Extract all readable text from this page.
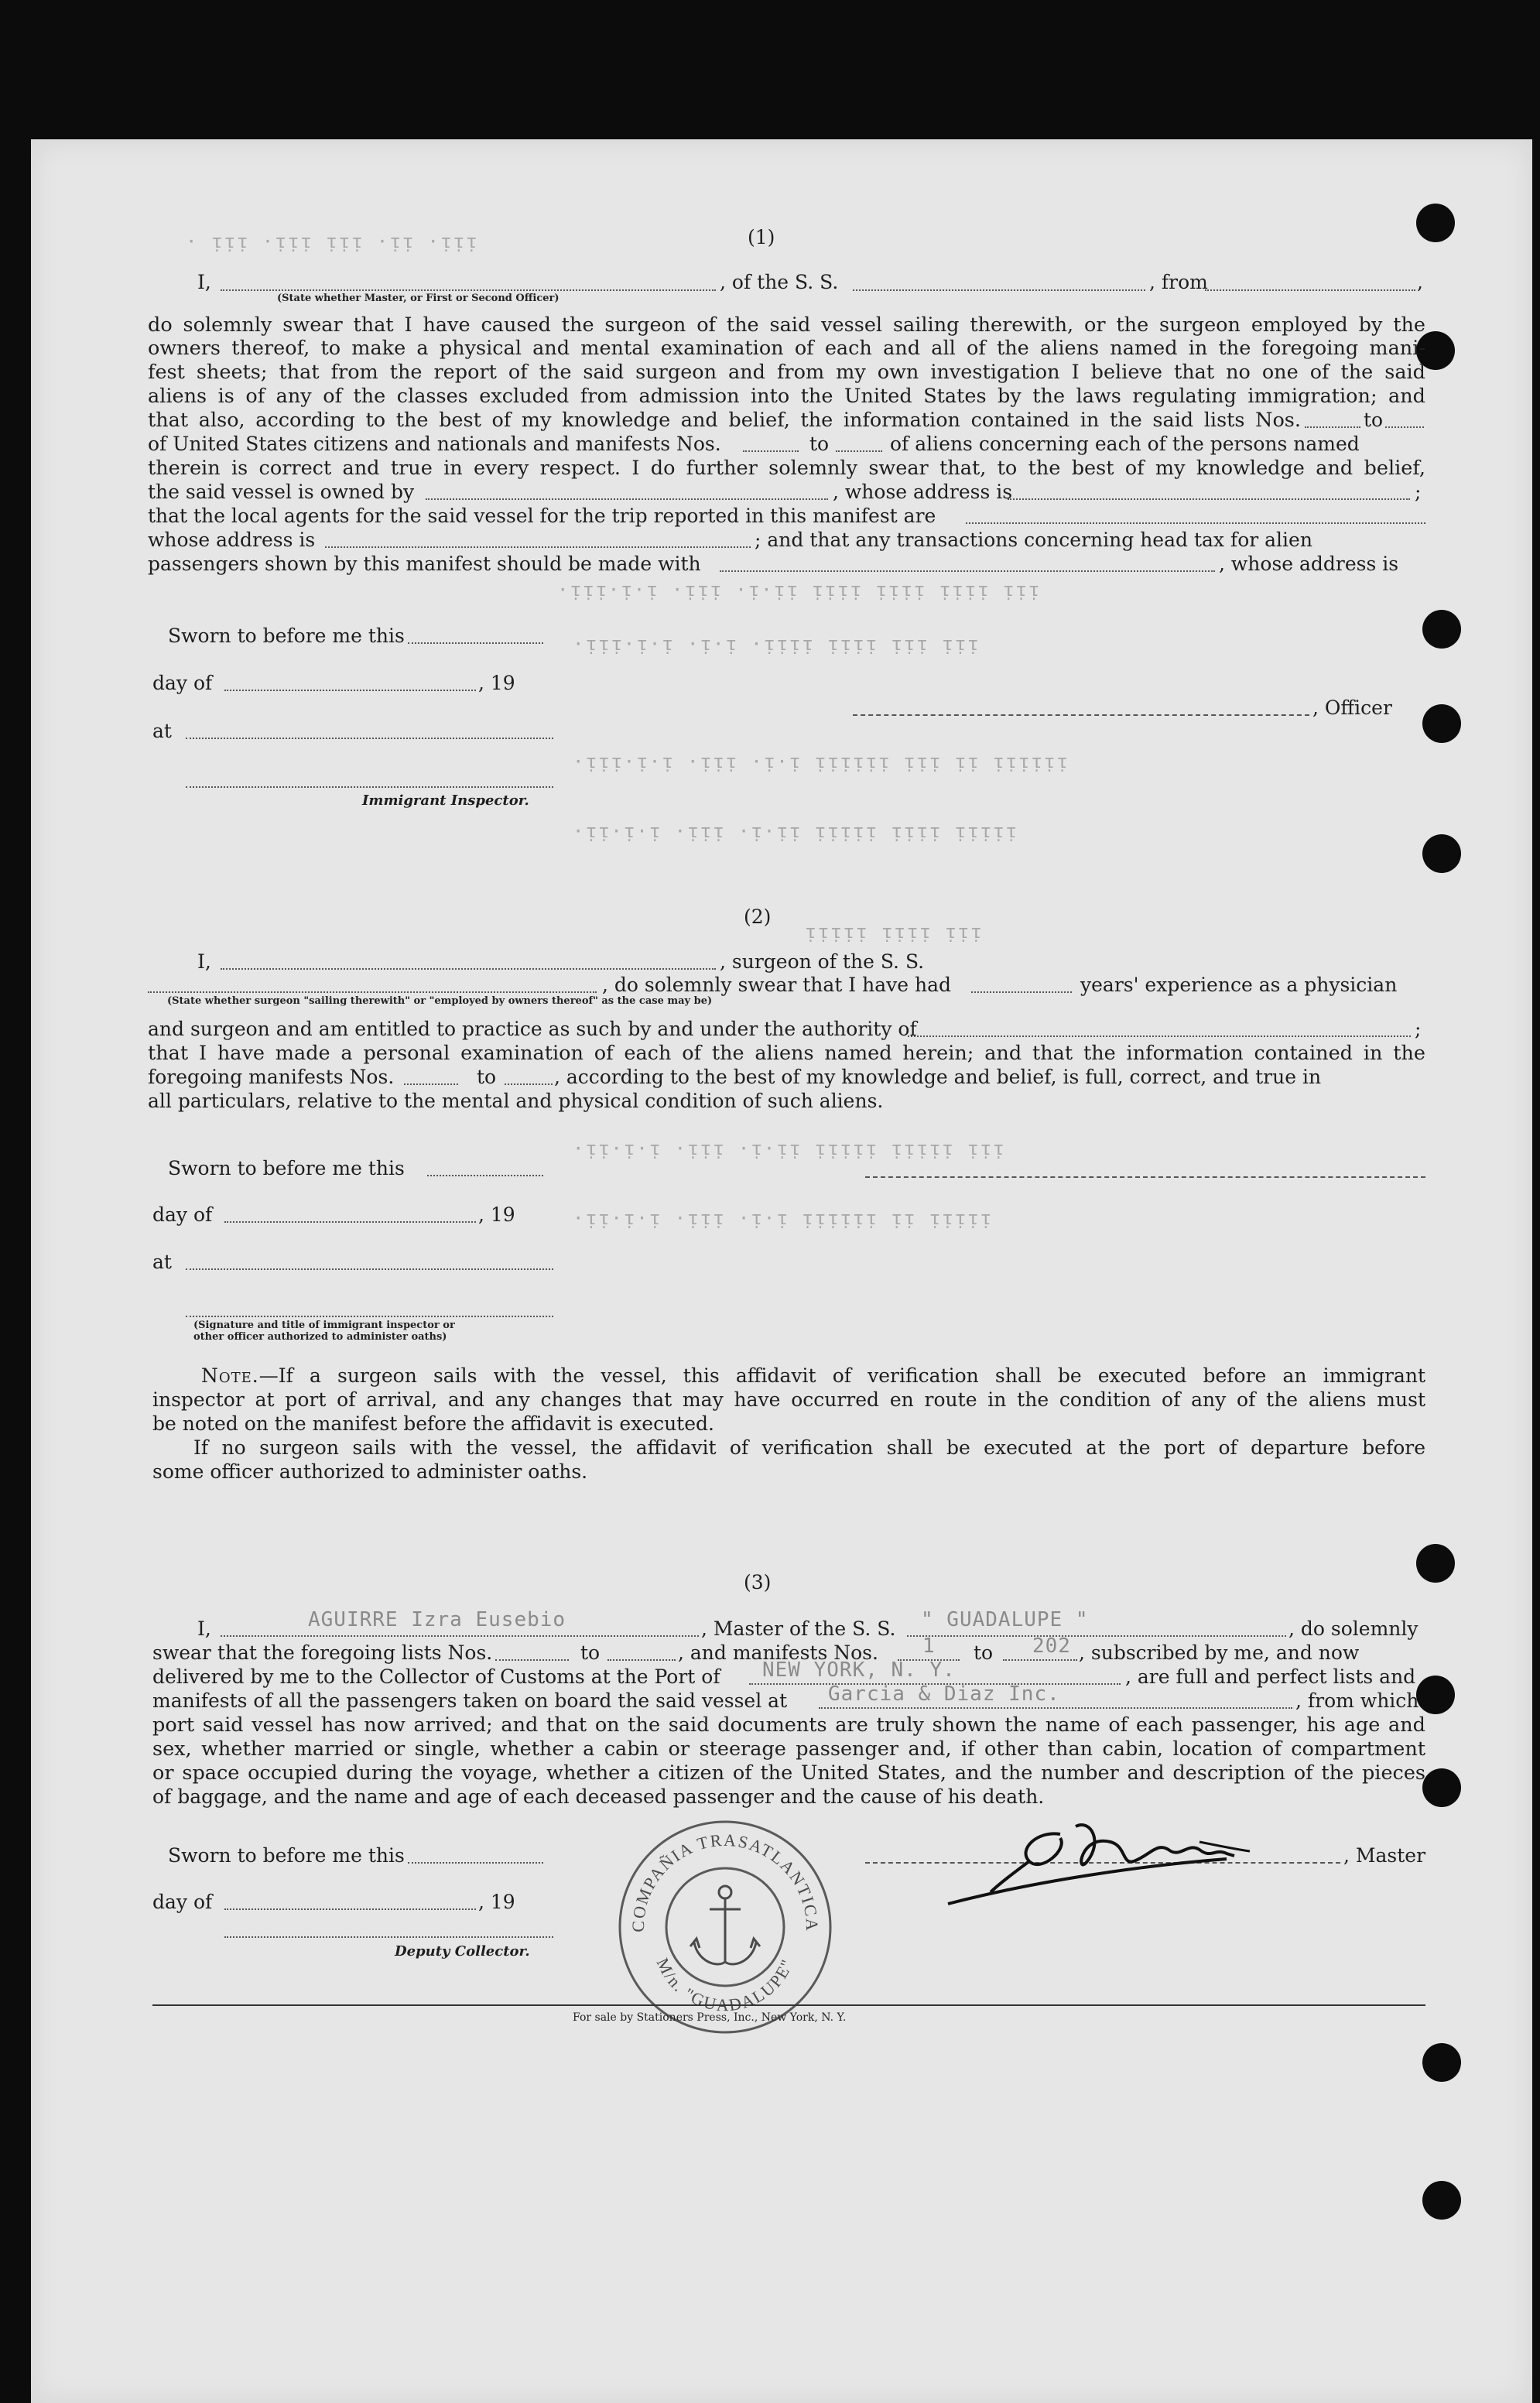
· ᴉᴉᴉ ·ᴉᴉᴉ ᴉᴉᴉ ·ᴉᴉ ·ᴉᴉᴉ
·ᴉᴉᴉ·ᴉ·ᴉ ·ᴉᴉᴉ ·ᴉ·ᴉᴉ ᴉᴉᴉᴉ ᴉᴉᴉᴉ ᴉᴉᴉᴉ ᴉᴉᴉ
·ᴉᴉᴉ·ᴉ·ᴉ ·ᴉ·ᴉ ·ᴉᴉᴉᴉ ᴉᴉᴉᴉ ᴉᴉᴉ ᴉᴉᴉ
·ᴉᴉᴉ·ᴉ·ᴉ ·ᴉᴉᴉ ·ᴉ·ᴉ ᴉᴉᴉᴉᴉᴉ ᴉᴉᴉ ᴉᴉ ᴉᴉᴉᴉᴉᴉ
·ᴉᴉ·ᴉ·ᴉ ·ᴉᴉᴉ ·ᴉ·ᴉᴉ ᴉᴉᴉᴉᴉ ᴉᴉᴉᴉ ᴉᴉᴉᴉᴉ
ᴉᴉᴉᴉᴉ ᴉᴉᴉᴉ ᴉᴉᴉ
·ᴉᴉ·ᴉ·ᴉ ·ᴉᴉᴉ ·ᴉ·ᴉᴉ ᴉᴉᴉᴉᴉ ᴉᴉᴉᴉᴉ ᴉᴉᴉ
·ᴉᴉ·ᴉ·ᴉ ·ᴉᴉᴉ ·ᴉ·ᴉ ᴉᴉᴉᴉᴉᴉ ᴉᴉ ᴉᴉᴉᴉᴉ
(1)
I,	, of the S. S.	, from	,
(State whether Master, or First or Second Officer)
do solemnly swear that I have caused the surgeon of the said vessel sailing therewith, or the surgeon employed by the
owners thereof, to make a physical and mental examination of each and all of the aliens named in the foregoing mani-
fest sheets; that from the report of the said surgeon and from my own investigation I believe that no one of the said
aliens is of any of the classes excluded from admission into the United States by the laws regulating immigration; and
that also, according to the best of my knowledge and belief, the information contained in the said lists Nos.	to
of United States citizens and nationals and manifests Nos.	to	of aliens concerning each of the persons named
therein is correct and true in every respect. I do further solemnly swear that, to the best of my knowledge and belief,
the said vessel is owned by	, whose address is	;
that the local agents for the said vessel for the trip reported in this manifest are
whose address is	; and that any transactions concerning head tax for alien
passengers shown by this manifest should be made with	, whose address is
Sworn to before me this
day of	, 19
at
, Officer
Immigrant Inspector.
(2)
I,	, surgeon of the S. S.
, do solemnly swear that I have had	years' experience as a physician
(State whether surgeon "sailing therewith" or "employed by owners thereof" as the case may be)
and surgeon and am entitled to practice as such by and under the authority of	;
that I have made a personal examination of each of the aliens named herein; and that the information contained in the
foregoing manifests Nos.	to	, according to the best of my knowledge and belief, is full, correct, and true in
all particulars, relative to the mental and physical condition of such aliens.
Sworn to before me this
day of	, 19
at
(Signature and title of immigrant inspector or
other officer authorized to administer oaths)
Note.—If a surgeon sails with the vessel, this affidavit of verification shall be executed before an immigrant
inspector at port of arrival, and any changes that may have occurred en route in the condition of any of the aliens must
be noted on the manifest before the affidavit is executed.
If no surgeon sails with the vessel, the affidavit of verification shall be executed at the port of departure before
some officer authorized to administer oaths.
(3)
I,	AGUIRRE Izra Eusebio	, Master of the S. S. " GUADALUPE "	, do solemnly
swear that the foregoing lists Nos.	to	, and manifests Nos. 1 to 202 , subscribed by me, and now
delivered by me to the Collector of Customs at the Port of NEW YORK, N. Y.	, are full and perfect lists and
manifests of all the passengers taken on board the said vessel at Garcia & Diaz Inc.	, from which
port said vessel has now arrived; and that on the said documents are truly shown the name of each passenger, his age and
sex, whether married or single, whether a cabin or steerage passenger and, if other than cabin, location of compartment
or space occupied during the voyage, whether a citizen of the United States, and the number and description of the pieces
of baggage, and the name and age of each deceased passenger and the cause of his death.
Sworn to before me this	, Master
day of	, 19
Deputy Collector.
COMPAÑIA TRASATLANTICA
M/n. "GUADALUPE"
For sale by Stationers Press, Inc., New York, N. Y.
